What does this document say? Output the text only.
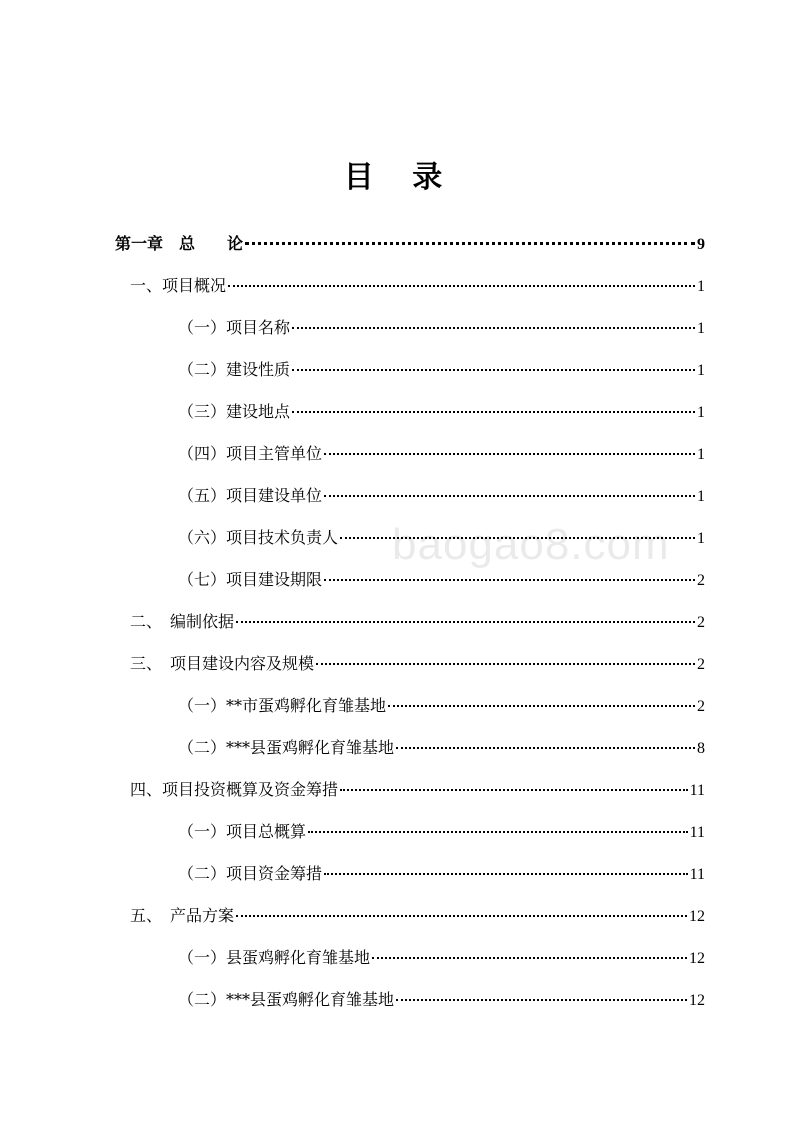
目 录
第一章　总　　论	9
一、项目概况	1
（一）项目名称	1
（二）建设性质	1
（三）建设地点	1
（四）项目主管单位	1
（五）项目建设单位	1
（六）项目技术负责人	1
（七）项目建设期限	2
二、　编制依据	2
三、　项目建设内容及规模	2
（一）**市蛋鸡孵化育雏基地	2
（二）***县蛋鸡孵化育雏基地	8
四、项目投资概算及资金筹措	11
（一）项目总概算	11
（二）项目资金筹措	11
五、　产品方案	12
（一）县蛋鸡孵化育雏基地	12
（二）***县蛋鸡孵化育雏基地	12
baogao8.com
